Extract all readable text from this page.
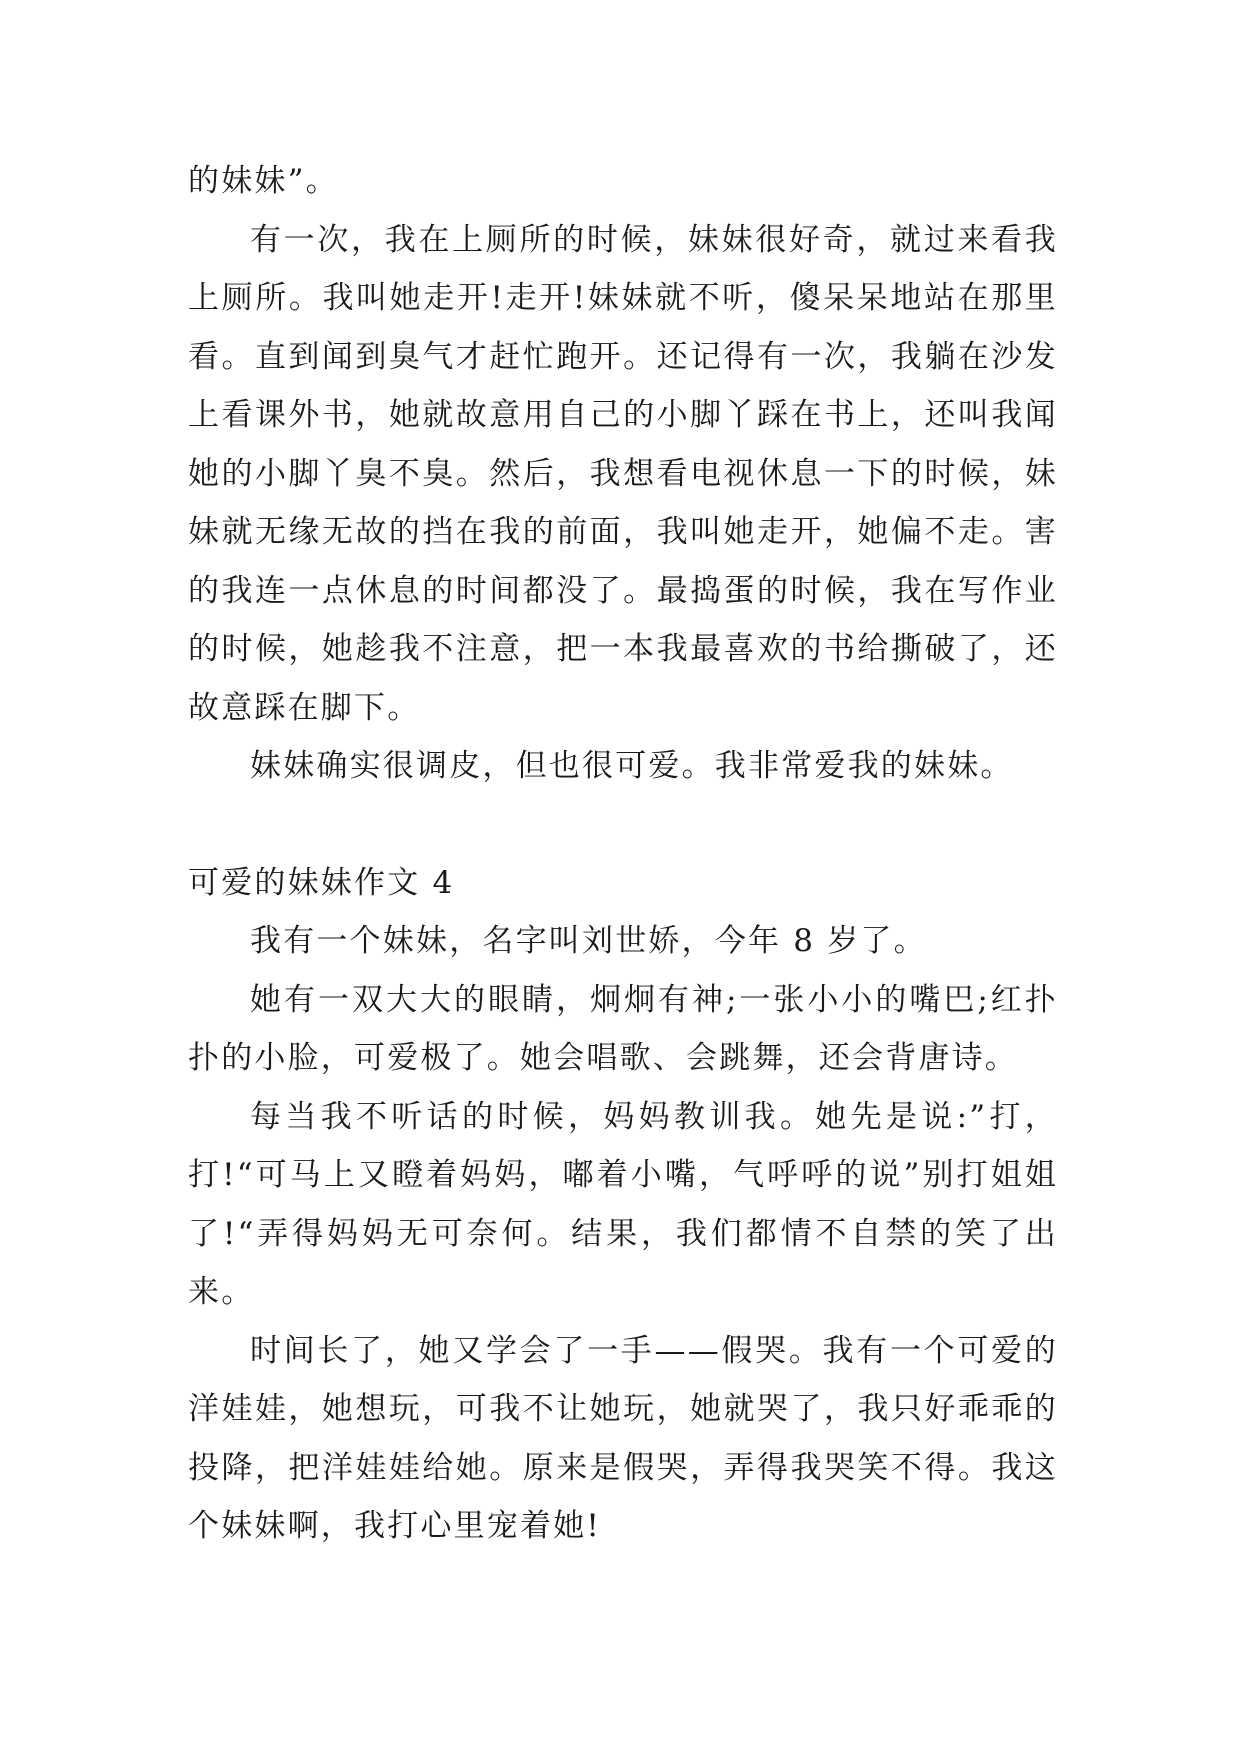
的妹妹”。

有一次，我在上厕所的时候，妹妹很好奇，就过来看我上厕所。我叫她走开!走开!妹妹就不听，傻呆呆地站在那里看。直到闻到臭气才赶忙跑开。还记得有一次，我躺在沙发上看课外书，她就故意用自己的小脚丫踩在书上，还叫我闻她的小脚丫臭不臭。然后，我想看电视休息一下的时候，妹妹就无缘无故的挡在我的前面，我叫她走开，她偏不走。害的我连一点休息的时间都没了。最捣蛋的时候，我在写作业的时候，她趁我不注意，把一本我最喜欢的书给撕破了，还故意踩在脚下。

妹妹确实很调皮，但也很可爱。我非常爱我的妹妹。

可爱的妹妹作文 4

我有一个妹妹，名字叫刘世娇，今年 8 岁了。

她有一双大大的眼睛，炯炯有神;一张小小的嘴巴;红扑扑的小脸，可爱极了。她会唱歌、会跳舞，还会背唐诗。

每当我不听话的时候，妈妈教训我。她先是说:”打，打!“可马上又瞪着妈妈，嘟着小嘴，气呼呼的说”别打姐姐了!“弄得妈妈无可奈何。结果，我们都情不自禁的笑了出来。

时间长了，她又学会了一手——假哭。我有一个可爱的洋娃娃，她想玩，可我不让她玩，她就哭了，我只好乖乖的投降，把洋娃娃给她。原来是假哭，弄得我哭笑不得。我这个妹妹啊，我打心里宠着她!
